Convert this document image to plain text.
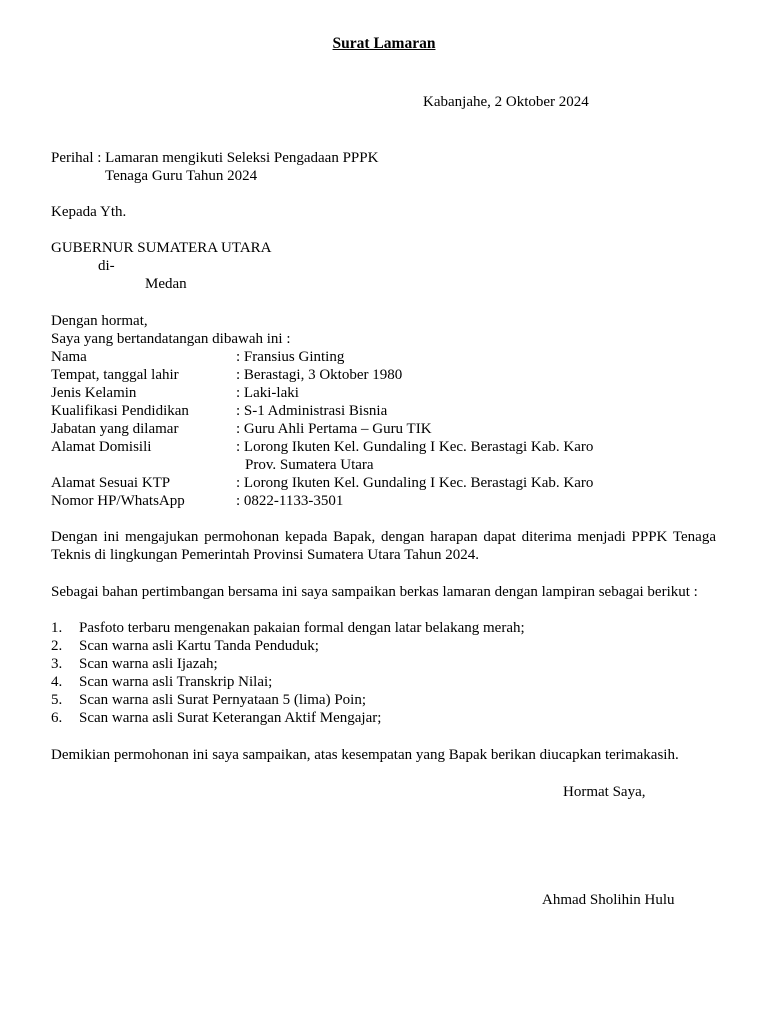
Surat Lamaran
Kabanjahe, 2 Oktober 2024
Perihal : Lamaran mengikuti Seleksi Pengadaan PPPK
Tenaga Guru Tahun 2024
Kepada Yth.
GUBERNUR SUMATERA UTARA
di-
Medan
Dengan hormat,
Saya yang bertandatangan dibawah ini :
Nama	: Fransius Ginting
Tempat, tanggal lahir	: Berastagi, 3 Oktober 1980
Jenis Kelamin	: Laki-laki
Kualifikasi Pendidikan	: S-1 Administrasi Bisnia
Jabatan yang dilamar	: Guru Ahli Pertama – Guru TIK
Alamat Domisili	: Lorong Ikuten Kel. Gundaling I Kec. Berastagi Kab. Karo
Prov. Sumatera Utara
Alamat Sesuai KTP	: Lorong Ikuten Kel. Gundaling I Kec. Berastagi Kab. Karo
Nomor HP/WhatsApp	: 0822-1133-3501
Dengan ini mengajukan permohonan kepada Bapak, dengan harapan dapat diterima menjadi PPPK Tenaga Teknis di lingkungan Pemerintah Provinsi Sumatera Utara Tahun 2024.
Sebagai bahan pertimbangan bersama ini saya sampaikan berkas lamaran dengan lampiran sebagai berikut :
1. Pasfoto terbaru mengenakan pakaian formal dengan latar belakang merah;
2. Scan warna asli Kartu Tanda Penduduk;
3. Scan warna asli Ijazah;
4. Scan warna asli Transkrip Nilai;
5. Scan warna asli Surat Pernyataan 5 (lima) Poin;
6. Scan warna asli Surat Keterangan Aktif Mengajar;
Demikian permohonan ini saya sampaikan, atas kesempatan yang Bapak berikan diucapkan terimakasih.
Hormat Saya,
Ahmad Sholihin Hulu
